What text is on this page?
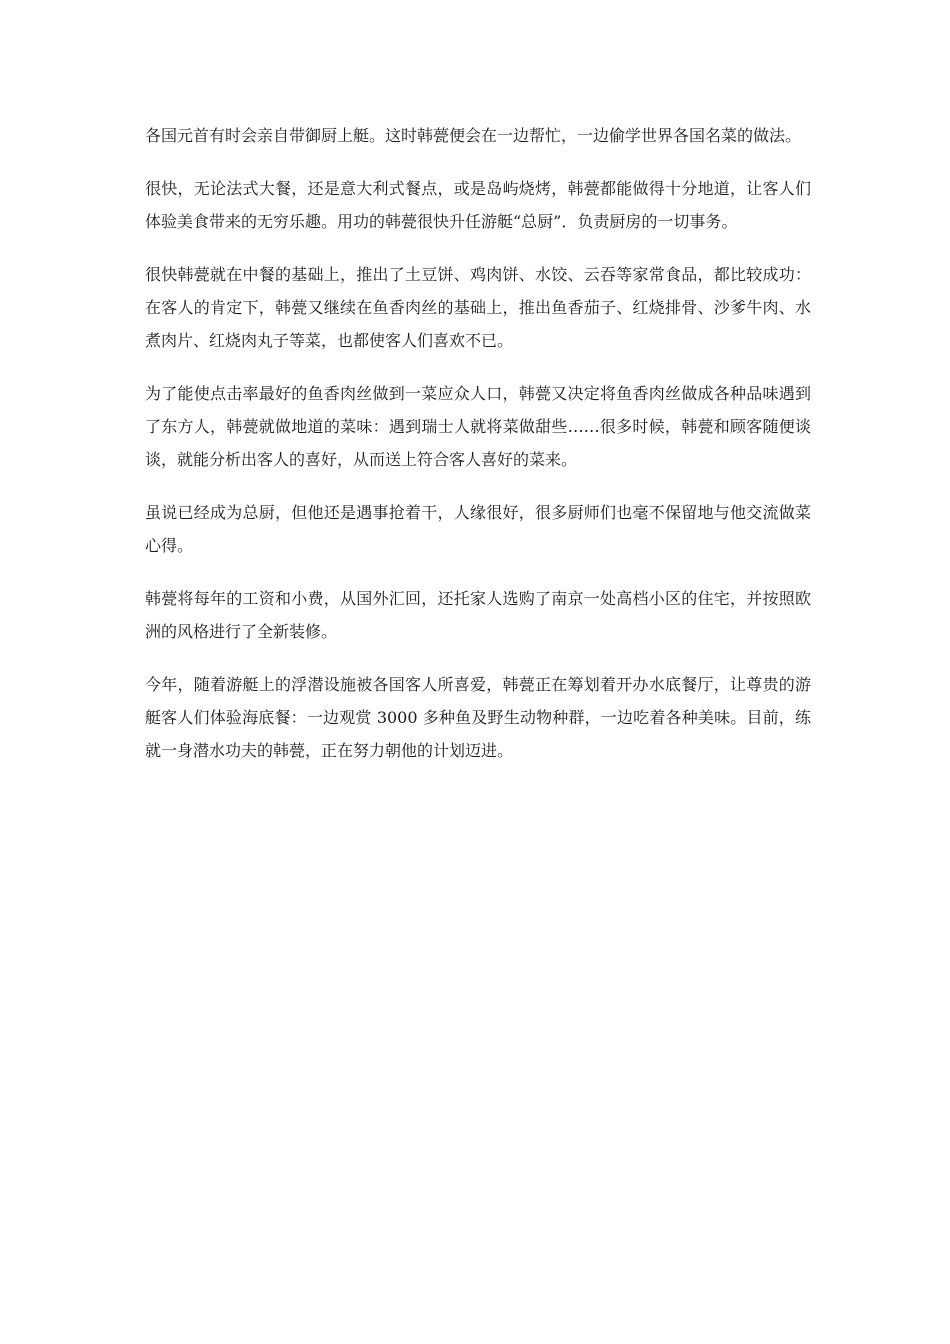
各国元首有时会亲自带御厨上艇。这时韩甍便会在一边帮忙，一边偷学世界各国名菜的做法。

很快，无论法式大餐，还是意大利式餐点，或是岛屿烧烤，韩甍都能做得十分地道，让客人们体验美食带来的无穷乐趣。用功的韩甍很快升任游艇“总厨”．负责厨房的一切事务。

很快韩甍就在中餐的基础上，推出了土豆饼、鸡肉饼、水饺、云吞等家常食品，都比较成功：在客人的肯定下，韩甍又继续在鱼香肉丝的基础上，推出鱼香茄子、红烧排骨、沙爹牛肉、水煮肉片、红烧肉丸子等菜，也都使客人们喜欢不已。

为了能使点击率最好的鱼香肉丝做到一菜应众人口，韩甍又决定将鱼香肉丝做成各种品味遇到了东方人，韩甍就做地道的菜味：遇到瑞士人就将菜做甜些……很多时候，韩甍和顾客随便谈谈，就能分析出客人的喜好，从而送上符合客人喜好的菜来。

虽说已经成为总厨，但他还是遇事抢着干，人缘很好，很多厨师们也毫不保留地与他交流做菜心得。

韩甍将每年的工资和小费，从国外汇回，还托家人选购了南京一处高档小区的住宅，并按照欧洲的风格进行了全新装修。

今年，随着游艇上的浮潜设施被各国客人所喜爱，韩甍正在筹划着开办水底餐厅，让尊贵的游艇客人们体验海底餐：一边观赏 3000 多种鱼及野生动物种群，一边吃着各种美味。目前，练就一身潜水功夫的韩甍，正在努力朝他的计划迈进。
